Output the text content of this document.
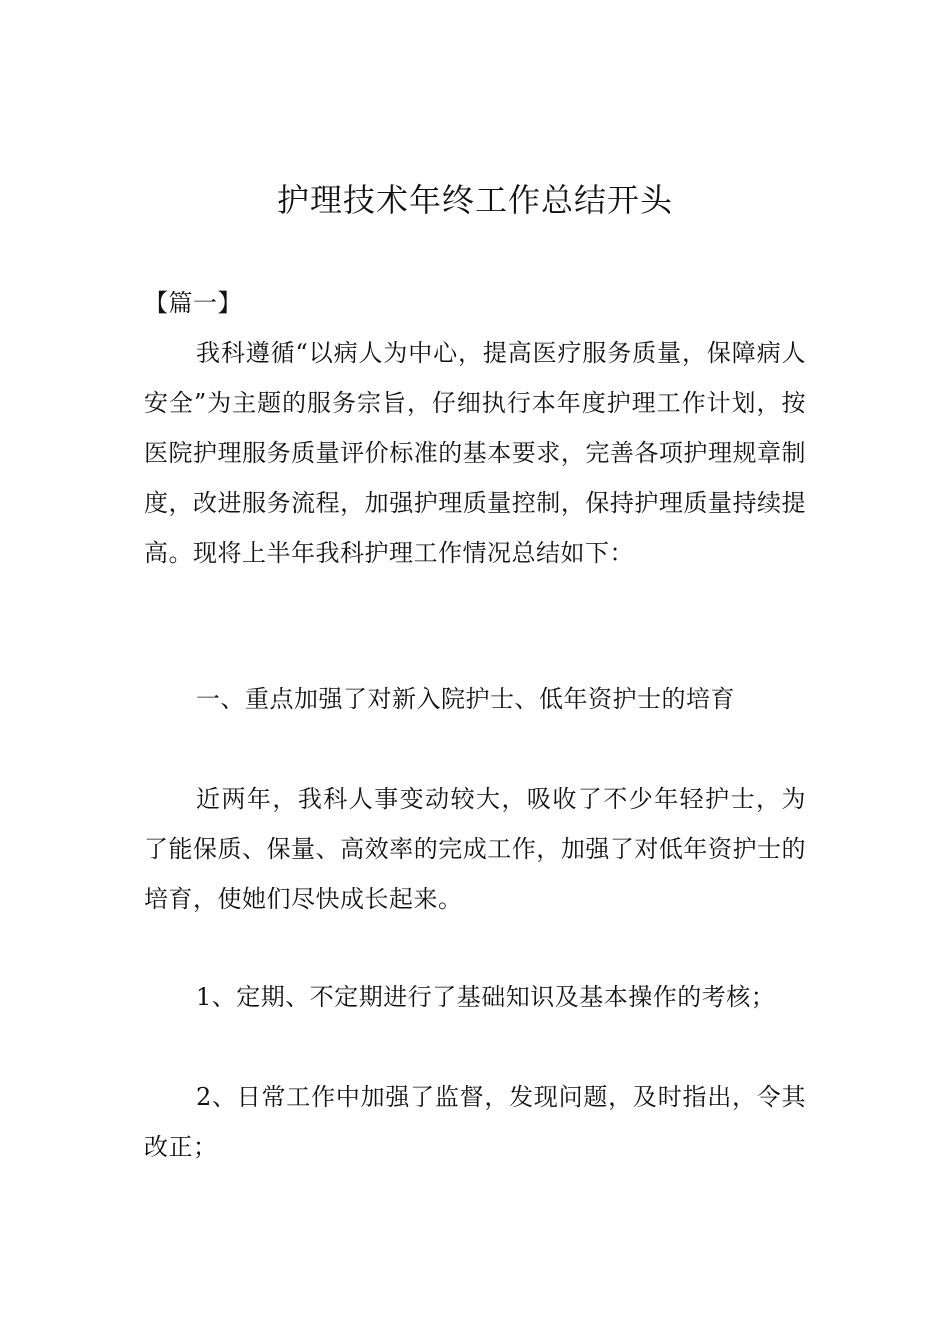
护理技术年终工作总结开头

【篇一】

我科遵循“以病人为中心，提高医疗服务质量，保障病人安全”为主题的服务宗旨，仔细执行本年度护理工作计划，按医院护理服务质量评价标准的基本要求，完善各项护理规章制度，改进服务流程，加强护理质量控制，保持护理质量持续提高。现将上半年我科护理工作情况总结如下：

一、重点加强了对新入院护士、低年资护士的培育

近两年，我科人事变动较大，吸收了不少年轻护士，为了能保质、保量、高效率的完成工作，加强了对低年资护士的培育，使她们尽快成长起来。

1、定期、不定期进行了基础知识及基本操作的考核；

2、日常工作中加强了监督，发现问题，及时指出，令其改正；
